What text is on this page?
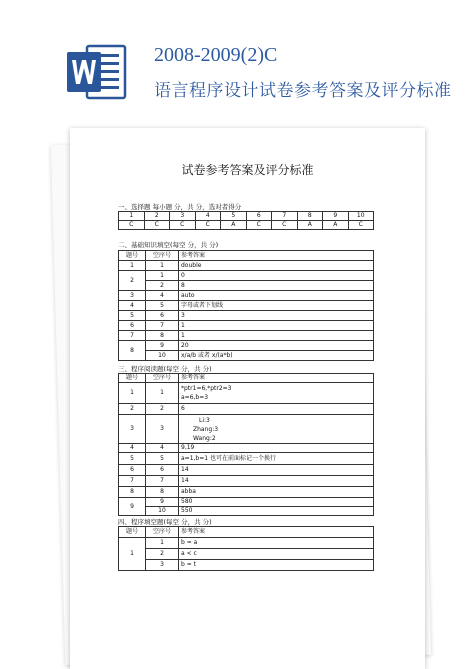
2008-2009(2)C
语言程序设计试卷参考答案及评分标准
试卷参考答案及评分标准
一、选择题 每小题 分，共 分，选对者得分
1	2	3	4	5	6	7	8	9	10
C	C	C	C	A	C	C	A	A	C
二、基础知识填空(每空 分，共 分)
题号	空序号	参考答案
1	1	double
2	1	0
	2	8
3	4	auto
4	5	字母或者下划线
5	6	3
6	7	1
7	8	1
8	9	20
	10	x/a/b 或者 x/(a*b)
三、程序阅读题(每空 分，共 分)
题号	空序号	参考答案
1	1	*ptr1=6,*ptr2=3
a=6,b=3

2	2	6
3	3	Li:3
Zhang:3
Wang:2

4	4	9,19
5	5	a=1,b=1 也可在前面标记一个换行
6	6	14
7	7	14
8	8	abba
9	9	580
	10	550
四、程序填空题(每空 分，共 分)
题号	空序号	参考答案
1	1	b = a
	2	a < c
	3	b = t
